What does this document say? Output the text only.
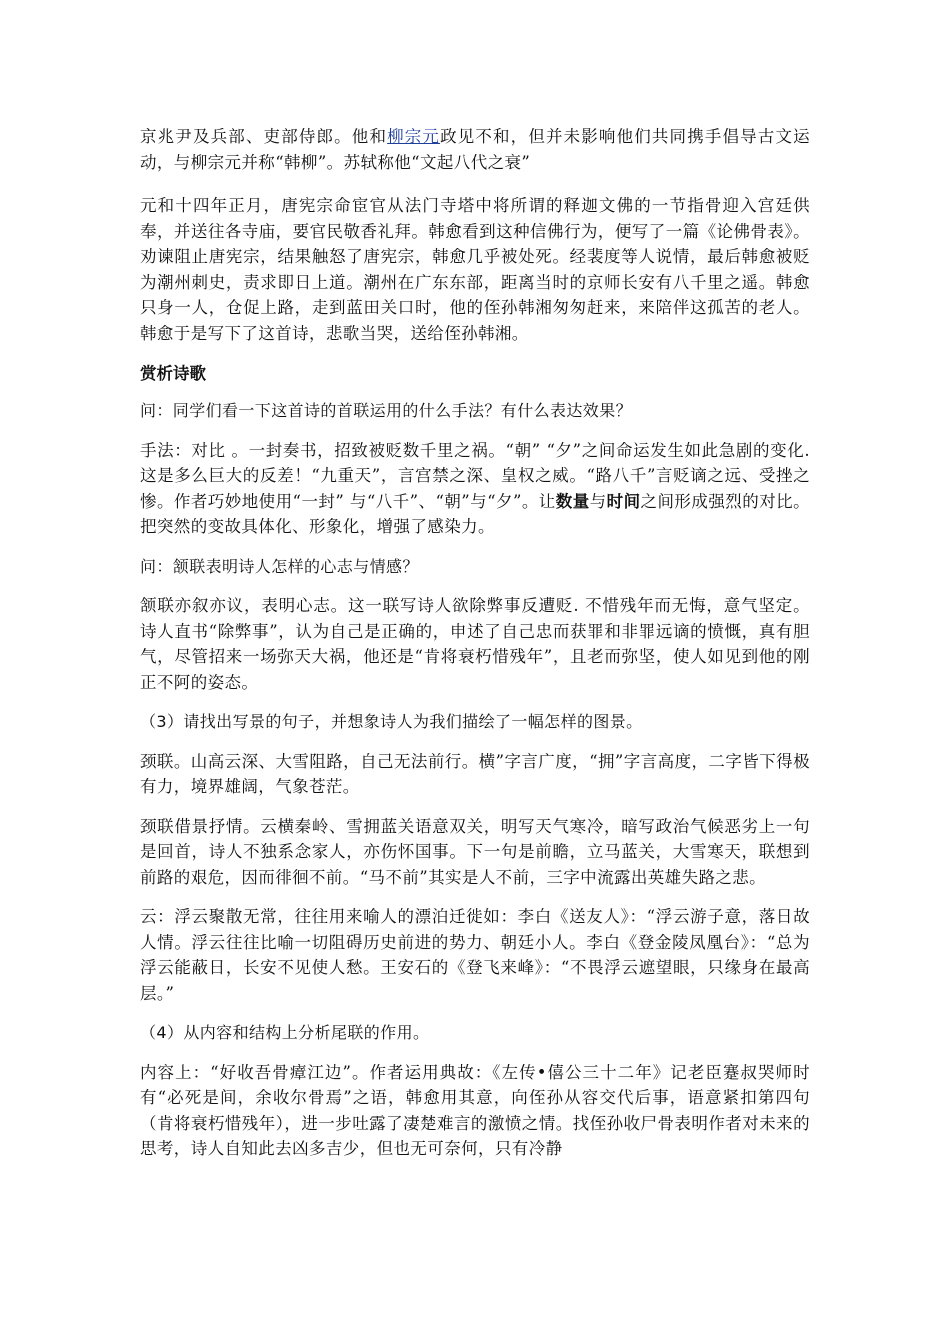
京兆尹及兵部、吏部侍郎。他和柳宗元政见不和，但并未影响他们共同携手倡导古文运动，与柳宗元并称“韩柳”。苏轼称他“文起八代之衰”

元和十四年正月，唐宪宗命宦官从法门寺塔中将所谓的释迦文佛的一节指骨迎入宫廷供奉，并送往各寺庙，要官民敬香礼拜。韩愈看到这种信佛行为，便写了一篇《论佛骨表》。劝谏阻止唐宪宗，结果触怒了唐宪宗，韩愈几乎被处死。经裴度等人说情，最后韩愈被贬为潮州刺史，责求即日上道。潮州在广东东部，距离当时的京师长安有八千里之遥。韩愈只身一人，仓促上路，走到蓝田关口时，他的侄孙韩湘匆匆赶来，来陪伴这孤苦的老人。韩愈于是写下了这首诗，悲歌当哭，送给侄孙韩湘。

赏析诗歌

问：同学们看一下这首诗的首联运用的什么手法？有什么表达效果？

手法：对比 。一封奏书，招致被贬数千里之祸。“朝” “夕”之间命运发生如此急剧的变化. 这是多么巨大的反差！“九重天”，言宫禁之深、皇权之威。“路八千”言贬谪之远、受挫之惨。作者巧妙地使用“一封” 与“八千”、“朝”与“夕”。让数量与时间之间形成强烈的对比。把突然的变故具体化、形象化，增强了感染力。

问：颔联表明诗人怎样的心志与情感？

颔联亦叙亦议，表明心志。这一联写诗人欲除弊事反遭贬. 不惜残年而无悔，意气坚定。 诗人直书“除弊事”，认为自己是正确的，申述了自己忠而获罪和非罪远谪的愤慨，真有胆气，尽管招来一场弥天大祸，他还是“肯将衰朽惜残年”，且老而弥坚，使人如见到他的刚正不阿的姿态。

（3）请找出写景的句子，并想象诗人为我们描绘了一幅怎样的图景。

颈联。山高云深、大雪阻路，自己无法前行。横”字言广度，“拥”字言高度，二字皆下得极有力，境界雄阔，气象苍茫。

颈联借景抒情。云横秦岭、雪拥蓝关语意双关，明写天气寒冷，暗写政治气候恶劣上一句是回首，诗人不独系念家人，亦伤怀国事。下一句是前瞻，立马蓝关，大雪寒天，联想到前路的艰危，因而徘徊不前。“马不前”其实是人不前，三字中流露出英雄失路之悲。

云：浮云聚散无常，往往用来喻人的漂泊迁徙如：李白《送友人》：“浮云游子意，落日故人情。浮云往往比喻一切阻碍历史前进的势力、朝廷小人。李白《登金陵凤凰台》：“总为浮云能蔽日，长安不见使人愁。王安石的《登飞来峰》：“不畏浮云遮望眼，只缘身在最高层。”

（4）从内容和结构上分析尾联的作用。

内容上：“好收吾骨瘴江边”。作者运用典故：《左传•僖公三十二年》记老臣蹇叔哭师时有“必死是间，余收尔骨焉”之语，韩愈用其意，向侄孙从容交代后事，语意紧扣第四句（肯将衰朽惜残年），进一步吐露了凄楚难言的激愤之情。找侄孙收尸骨表明作者对未来的思考，诗人自知此去凶多吉少，但也无可奈何，只有冷静
